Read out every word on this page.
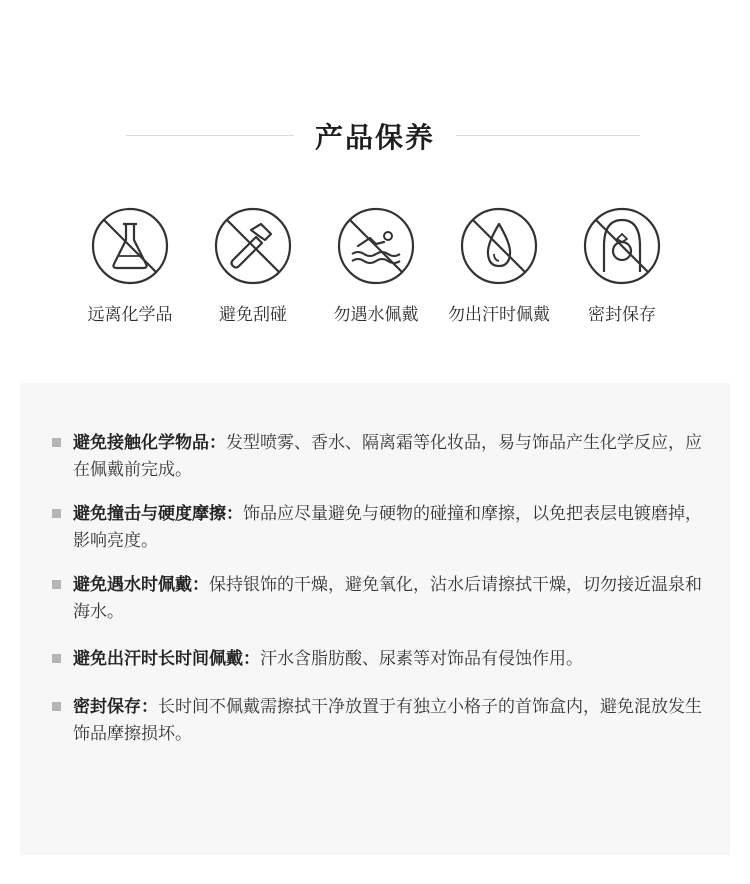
产品保养
远离化学品	避免刮碰	勿遇水佩戴	勿出汗时佩戴	密封保存
避免接触化学物品：发型喷雾、香水、隔离霜等化妆品，易与饰品产生化学反应，应在佩戴前完成。
避免撞击与硬度摩擦：饰品应尽量避免与硬物的碰撞和摩擦，以免把表层电镀磨掉，影响亮度。
避免遇水时佩戴：保持银饰的干燥，避免氧化，沾水后请擦拭干燥，切勿接近温泉和海水。
避免出汗时长时间佩戴：汗水含脂肪酸、尿素等对饰品有侵蚀作用。
密封保存：长时间不佩戴需擦拭干净放置于有独立小格子的首饰盒内，避免混放发生饰品摩擦损坏。
